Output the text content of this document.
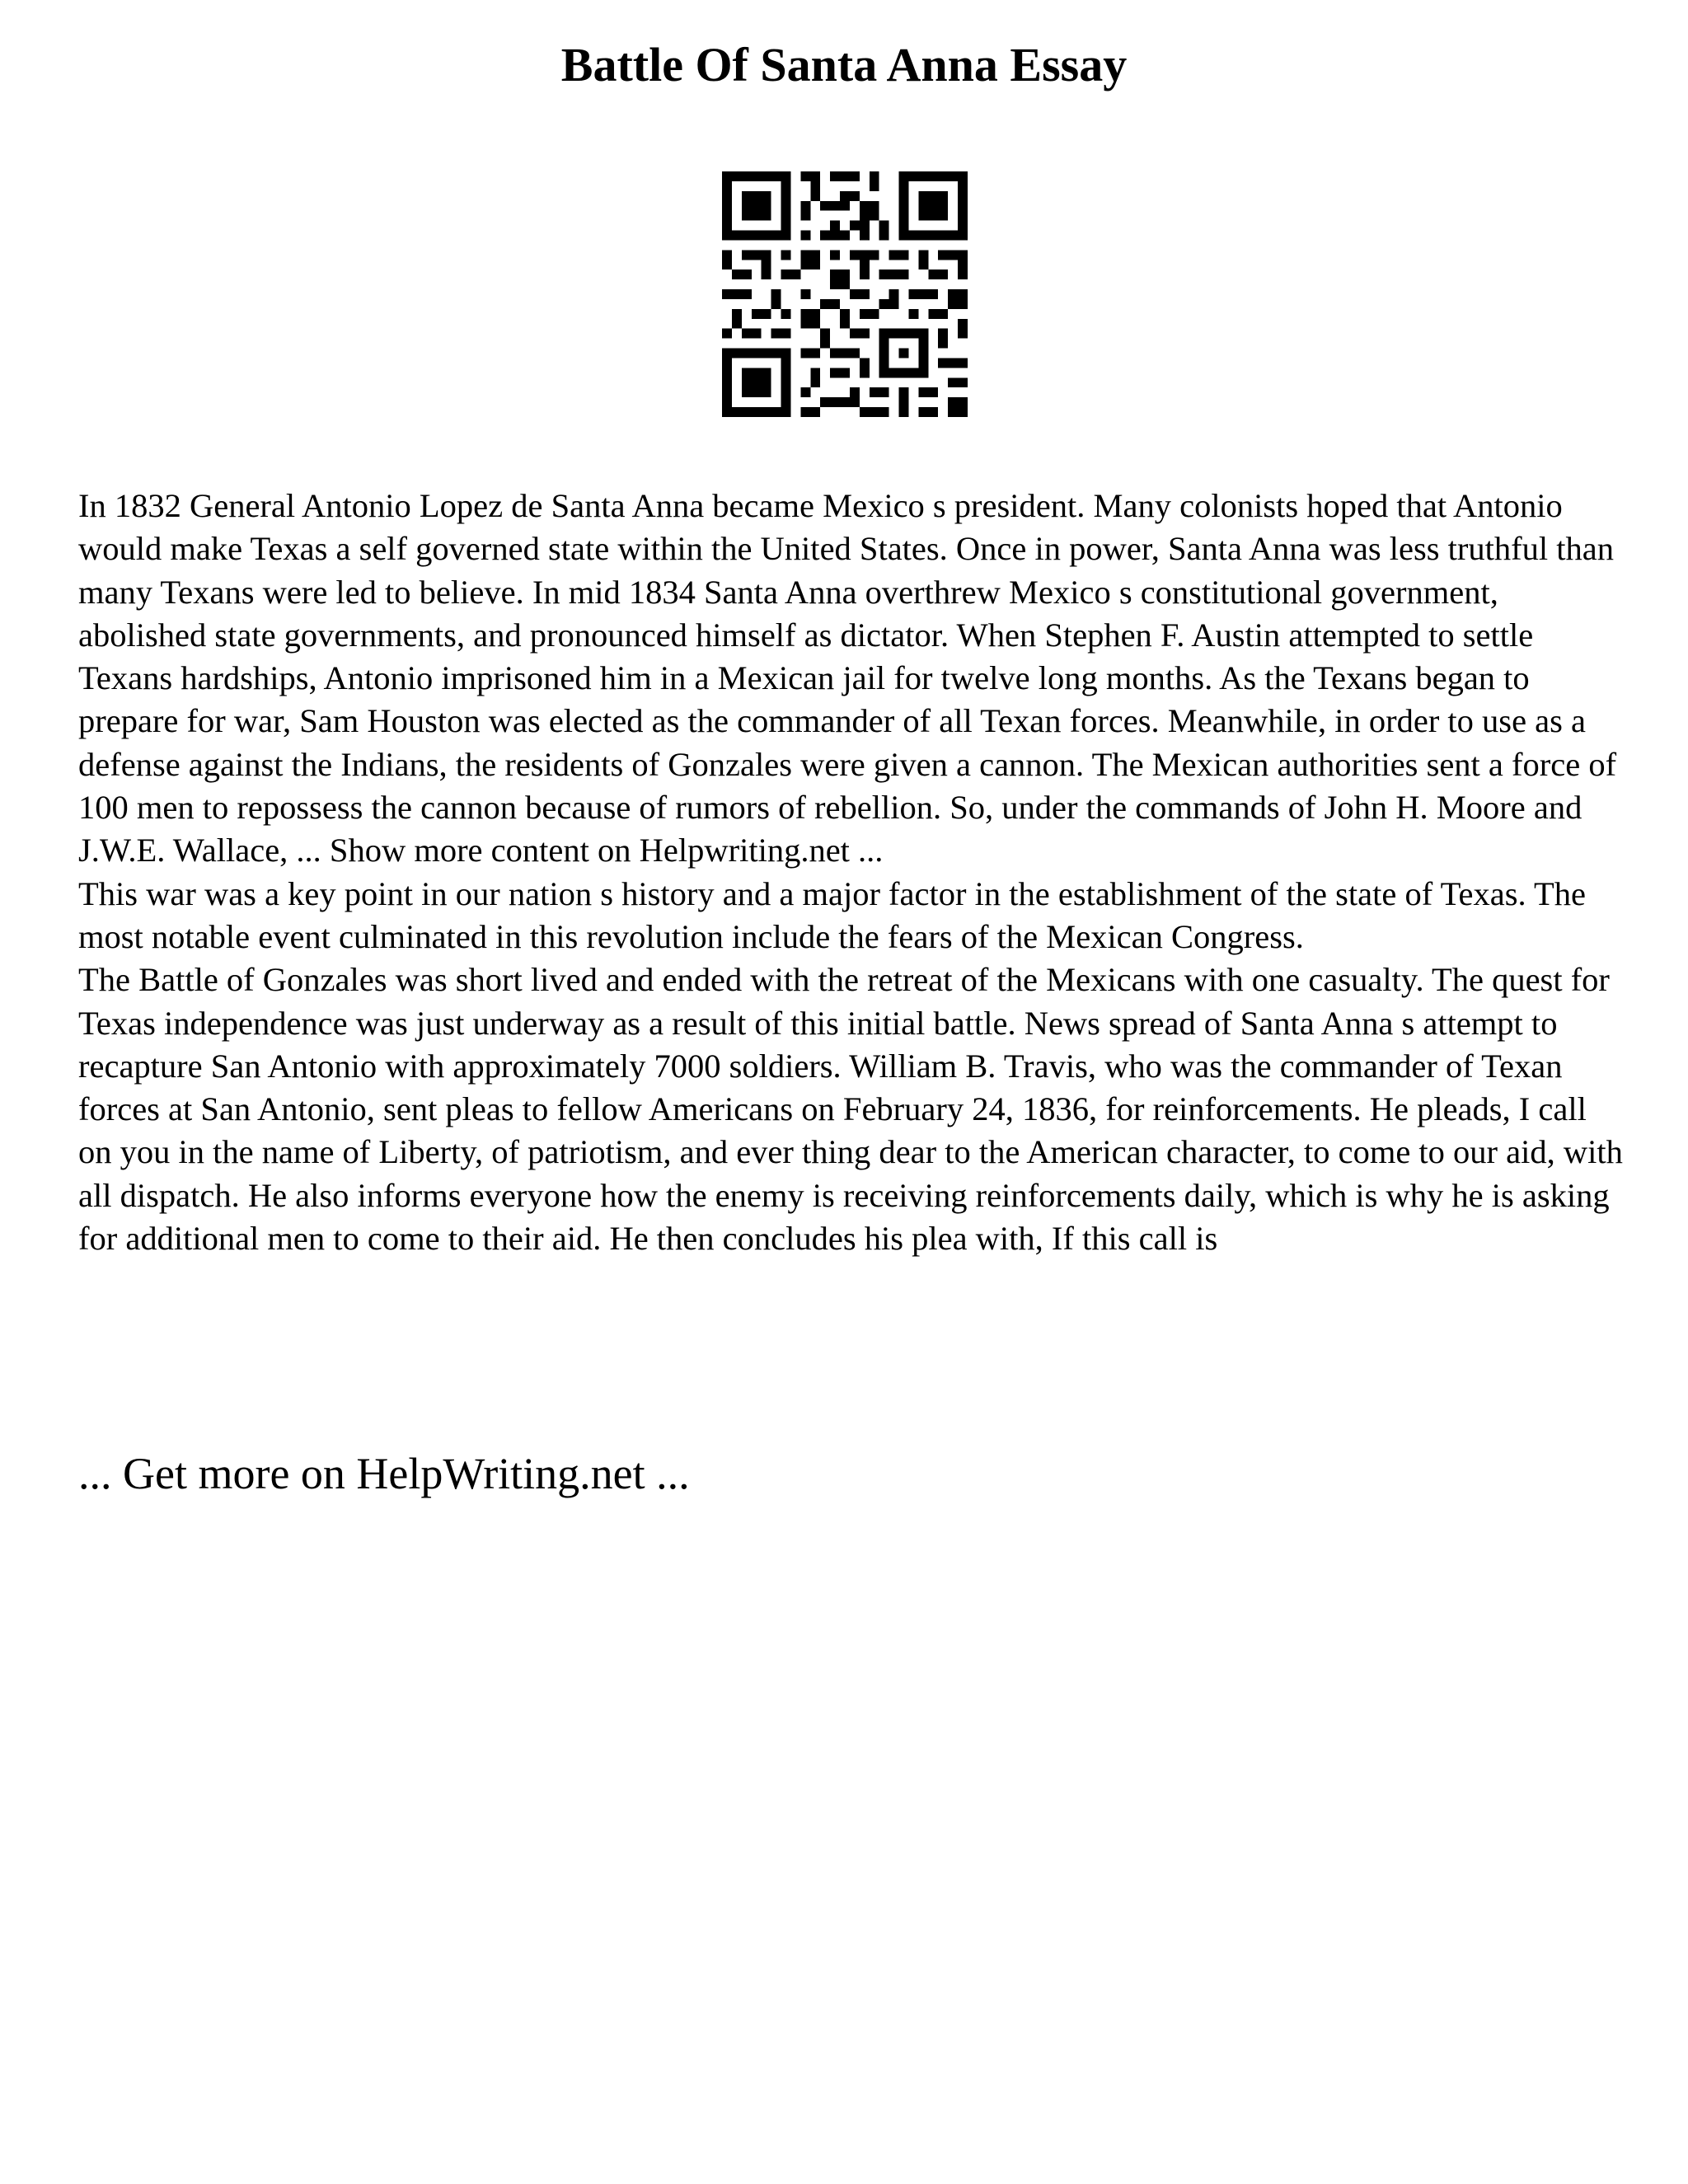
Battle Of Santa Anna Essay

In 1832 General Antonio Lopez de Santa Anna became Mexico s president. Many colonists hoped that Antonio would make Texas a self governed state within the United States. Once in power, Santa Anna was less truthful than many Texans were led to believe. In mid 1834 Santa Anna overthrew Mexico s constitutional government, abolished state governments, and pronounced himself as dictator. When Stephen F. Austin attempted to settle Texans hardships, Antonio imprisoned him in a Mexican jail for twelve long months. As the Texans began to prepare for war, Sam Houston was elected as the commander of all Texan forces. Meanwhile, in order to use as a defense against the Indians, the residents of Gonzales were given a cannon. The Mexican authorities sent a force of 100 men to repossess the cannon because of rumors of rebellion. So, under the commands of John H. Moore and J.W.E. Wallace, ... Show more content on Helpwriting.net ...

This war was a key point in our nation s history and a major factor in the establishment of the state of Texas. The most notable event culminated in this revolution include the fears of the Mexican Congress.

The Battle of Gonzales was short lived and ended with the retreat of the Mexicans with one casualty. The quest for Texas independence was just underway as a result of this initial battle. News spread of Santa Anna s attempt to recapture San Antonio with approximately 7000 soldiers. William B. Travis, who was the commander of Texan forces at San Antonio, sent pleas to fellow Americans on February 24, 1836, for reinforcements. He pleads, I call on you in the name of Liberty, of patriotism, and ever thing dear to the American character, to come to our aid, with all dispatch. He also informs everyone how the enemy is receiving reinforcements daily, which is why he is asking for additional men to come to their aid. He then concludes his plea with, If this call is

... Get more on HelpWriting.net ...
